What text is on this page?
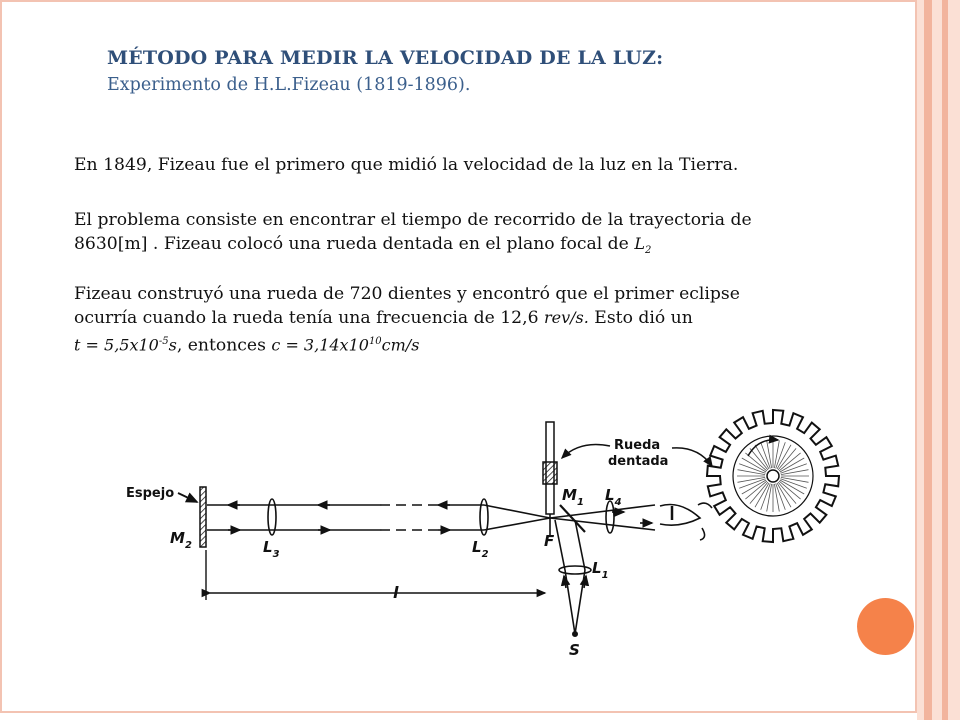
MÉTODO PARA MEDIR LA VELOCIDAD DE LA LUZ:
Experimento de H.L.Fizeau (1819-1896).

En 1849, Fizeau fue el primero que midió la velocidad de la luz en la Tierra.

El problema consiste en encontrar el tiempo de recorrido de la trayectoria de
8630[m] . Fizeau colocó una rueda dentada en el plano focal de $L_2$

Fizeau construyó una rueda de 720 dientes y encontró que el primer eclipse
ocurría cuando la rueda tenía una frecuencia de 12,6 rev/s. Esto dió un
$t = 5,5x10^{-5}s$, entonces $c = 3,14x10^{10}cm/s$

Espejo
$M_2$	$L_3$	$L_2$
$L_4$
$L_1$
F
$M_1$
S
l
Rueda
dentada
